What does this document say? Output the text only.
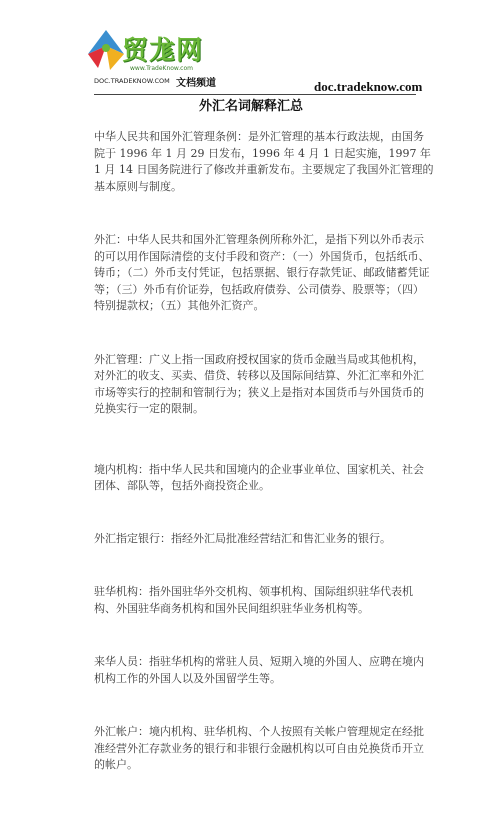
贸尨网
www.TradeKnow.com
DOC.TRADEKNOW.COM 文档频道	doc.tradeknow.com
外汇名词解释汇总

中华人民共和国外汇管理条例：是外汇管理的基本行政法规，由国务院于 1996 年 1 月 29 日发布，1996 年 4 月 1 日起实施，1997 年 1 月 14 日国务院进行了修改并重新发布。主要规定了我国外汇管理的基本原则与制度。

外汇：中华人民共和国外汇管理条例所称外汇，是指下列以外币表示的可以用作国际清偿的支付手段和资产：（一）外国货币，包括纸币、铸币；（二）外币支付凭证，包括票据、银行存款凭证、邮政储蓄凭证等；（三）外币有价证券，包括政府债券、公司债券、股票等；（四）特别提款权；（五）其他外汇资产。

外汇管理：广义上指一国政府授权国家的货币金融当局或其他机构，对外汇的收支、买卖、借贷、转移以及国际间结算、外汇汇率和外汇市场等实行的控制和管制行为；狭义上是指对本国货币与外国货币的兑换实行一定的限制。

境内机构：指中华人民共和国境内的企业事业单位、国家机关、社会团体、部队等，包括外商投资企业。

外汇指定银行：指经外汇局批准经营结汇和售汇业务的银行。

驻华机构：指外国驻华外交机构、领事机构、国际组织驻华代表机构、外国驻华商务机构和国外民间组织驻华业务机构等。

来华人员：指驻华机构的常驻人员、短期入境的外国人、应聘在境内机构工作的外国人以及外国留学生等。

外汇帐户：境内机构、驻华机构、个人按照有关帐户管理规定在经批准经营外汇存款业务的银行和非银行金融机构以可自由兑换货币开立的帐户。
